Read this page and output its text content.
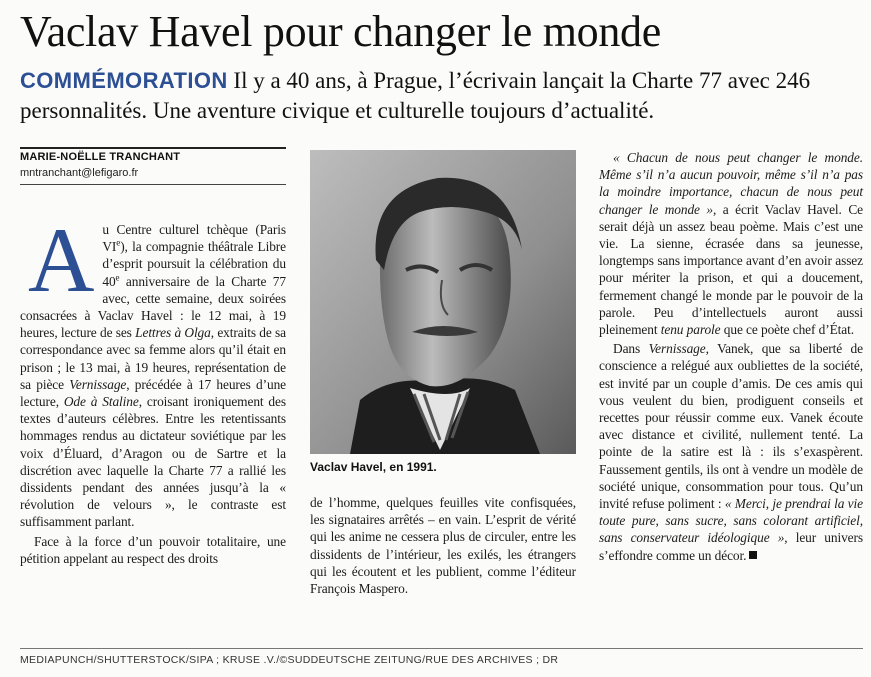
Vaclav Havel pour changer le monde
COMMÉMORATION Il y a 40 ans, à Prague, l’écrivain lançait la Charte 77 avec 246 personnalités. Une aventure civique et culturelle toujours d’actualité.
MARIE-NOËLLE TRANCHANT
mntranchant@lefigaro.fr

Au Centre culturel tchèque (Paris VIe), la compagnie théâtrale Libre d’esprit poursuit la célébration du 40e anniversaire de la Charte 77 avec, cette semaine, deux soirées consacrées à Vaclav Havel : le 12 mai, à 19 heures, lecture de ses Lettres à Olga, extraits de sa correspondance avec sa femme alors qu’il était en prison ; le 13 mai, à 19 heures, représentation de sa pièce Vernissage, précédée à 17 heures d’une lecture, Ode à Staline, croisant ironiquement des textes d’auteurs célèbres. Entre les retentissants hommages rendus au dictateur soviétique par les voix d’Éluard, d’Aragon ou de Sartre et la discrétion avec laquelle la Charte 77 a rallié les dissidents pendant des années jusqu’à la « révolution de velours », le contraste est suffisamment parlant.

Face à la force d’un pouvoir totalitaire, une pétition appelant au respect des droits

Vaclav Havel, en 1991.

de l’homme, quelques feuilles vite confisquées, les signataires arrêtés – en vain. L’esprit de vérité qui les anime ne cessera plus de circuler, entre les dissidents de l’intérieur, les exilés, les étrangers qui les écoutent et les publient, comme l’éditeur François Maspero.

« Chacun de nous peut changer le monde. Même s’il n’a aucun pouvoir, même s’il n’a pas la moindre importance, chacun de nous peut changer le monde », a écrit Vaclav Havel. Ce serait déjà un assez beau poème. Mais c’est une vie. La sienne, écrasée dans sa jeunesse, longtemps sans importance avant d’en avoir assez pour mériter la prison, et qui a doucement, fermement changé le monde par le pouvoir de la parole. Peu d’intellectuels auront aussi pleinement tenu parole que ce poète chef d’État.

Dans Vernissage, Vanek, que sa liberté de conscience a relégué aux oubliettes de la société, est invité par un couple d’amis. De ces amis qui vous veulent du bien, prodiguent conseils et recettes pour réussir comme eux. Vanek écoute avec distance et civilité, nullement tenté. La pointe de la satire est là : ils s’exaspèrent. Faussement gentils, ils ont à vendre un modèle de société unique, consommation pour tous. Qu’un invité refuse poliment : « Merci, je prendrai la vie toute pure, sans sucre, sans colorant artificiel, sans conservateur idéologique », leur univers s’effondre comme un décor.

MEDIAPUNCH/SHUTTERSTOCK/SIPA ; KRUSE .V./©SUDDEUTSCHE ZEITUNG/RUE DES ARCHIVES ; DR
